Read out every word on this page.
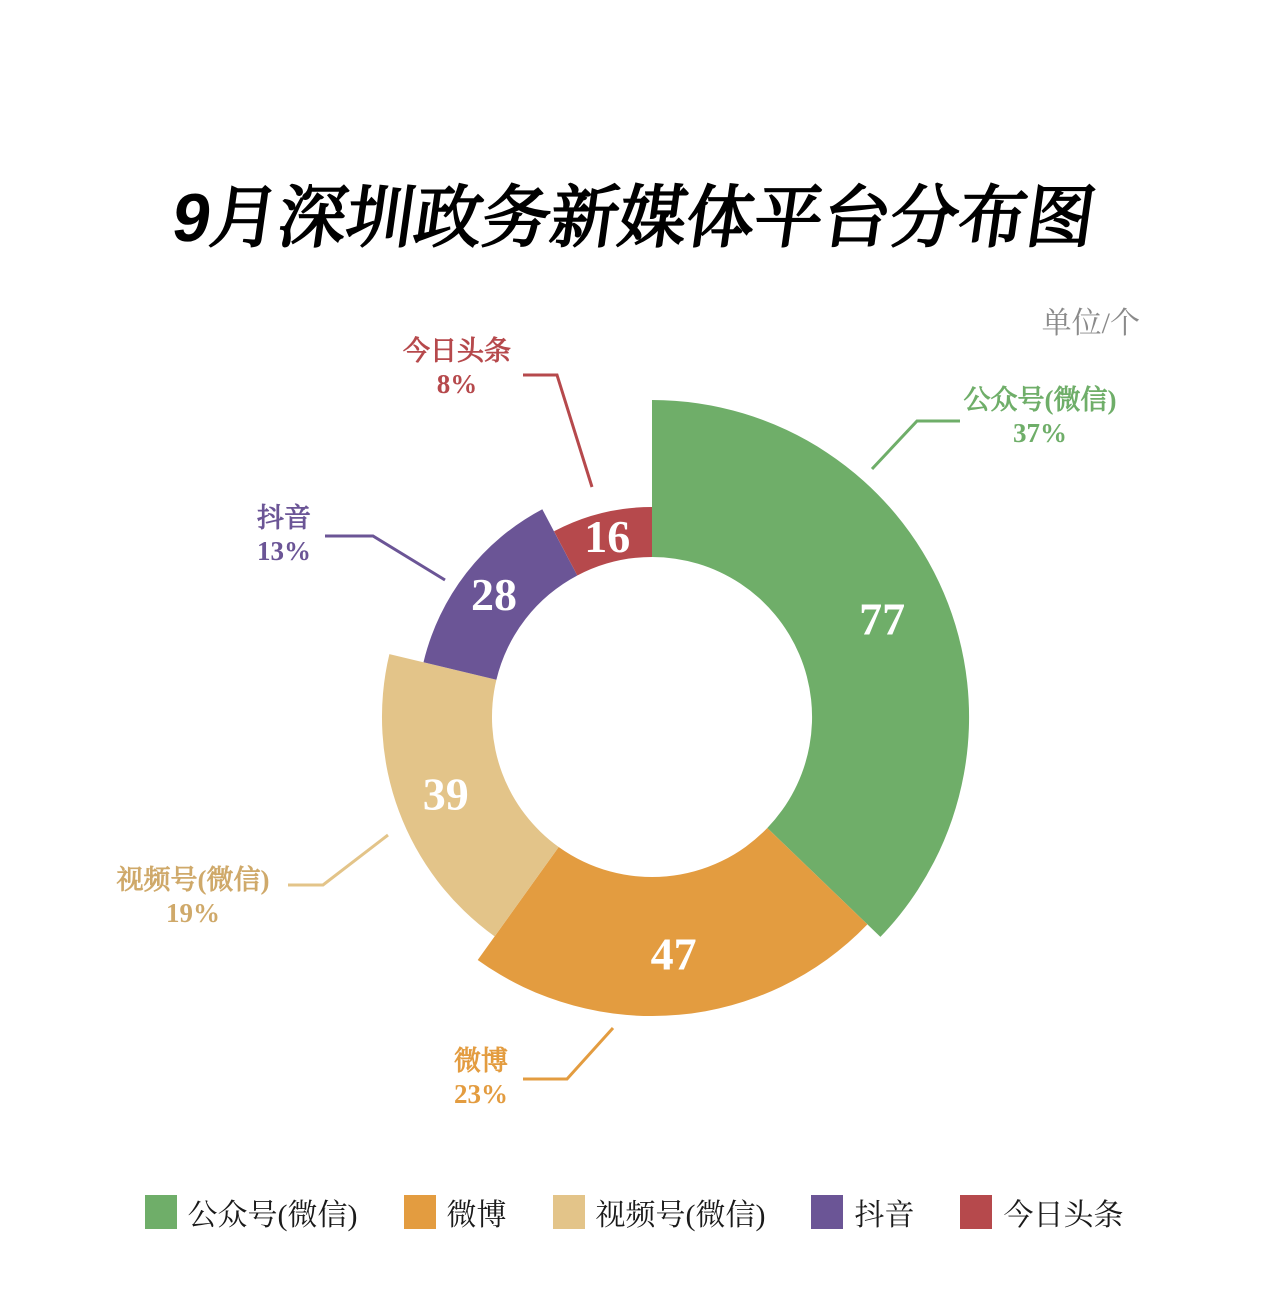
9月深圳政务新媒体平台分布图
单位/个
公众号(微信)
37%
微博
23%
视频号(微信)
19%
抖音
13%
今日头条
8%
77
47
39
28
16
公众号(微信)	微博	视频号(微信)	抖音	今日头条
